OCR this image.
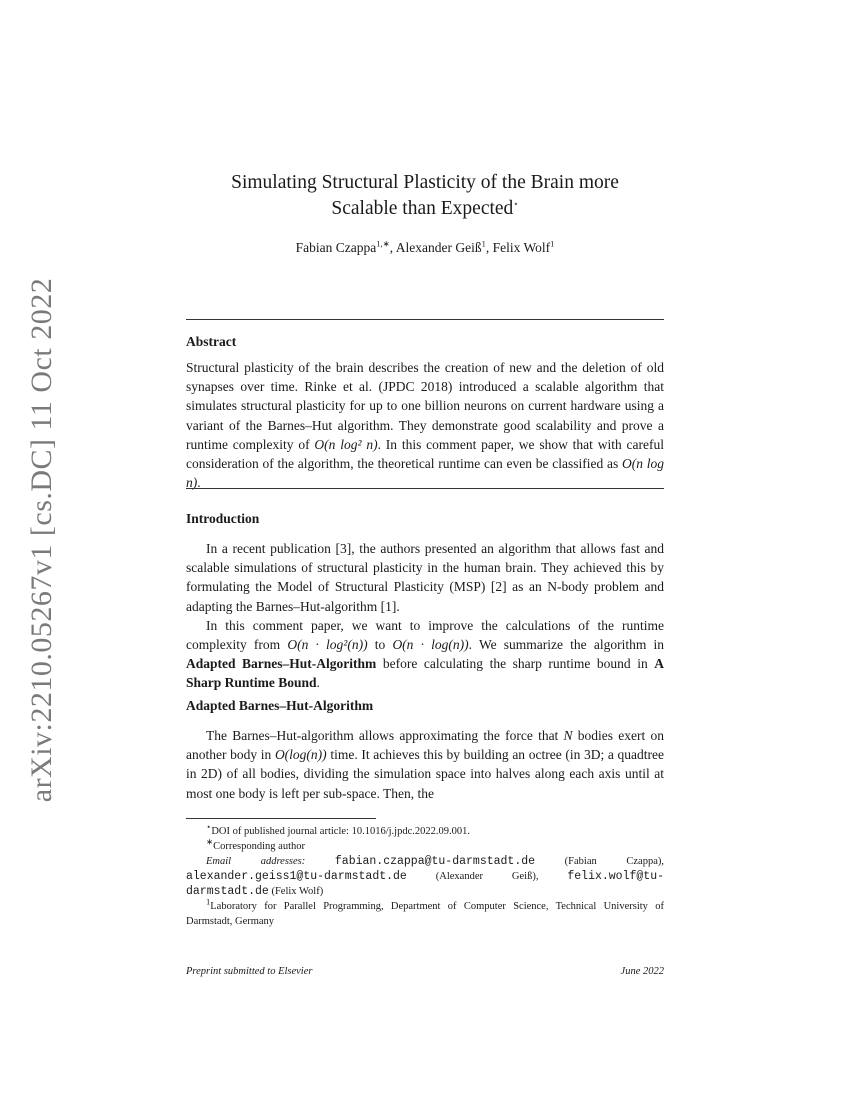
arXiv:2210.05267v1 [cs.DC] 11 Oct 2022
Simulating Structural Plasticity of the Brain more
Scalable than Expected⋆
Fabian Czappa$^{1,∗}$, Alexander Geiß$^1$, Felix Wolf$^1$
Abstract

Structural plasticity of the brain describes the creation of new and the deletion of old synapses over time. Rinke et al. (JPDC 2018) introduced a scalable algorithm that simulates structural plasticity for up to one billion neurons on current hardware using a variant of the Barnes–Hut algorithm. They demonstrate good scalability and prove a runtime complexity of O(n log² n). In this comment paper, we show that with careful consideration of the algorithm, the theoretical runtime can even be classified as O(n log n).

Introduction

In a recent publication [3], the authors presented an algorithm that allows fast and scalable simulations of structural plasticity in the human brain. They achieved this by formulating the Model of Structural Plasticity (MSP) [2] as an N-body problem and adapting the Barnes–Hut-algorithm [1].

In this comment paper, we want to improve the calculations of the runtime complexity from O(n · log²(n)) to O(n · log(n)). We summarize the algorithm in Adapted Barnes–Hut-Algorithm before calculating the sharp runtime bound in A Sharp Runtime Bound.

Adapted Barnes–Hut-Algorithm

The Barnes–Hut-algorithm allows approximating the force that N bodies exert on another body in O(log(n)) time. It achieves this by building an octree (in 3D; a quadtree in 2D) of all bodies, dividing the simulation space into halves along each axis until at most one body is left per sub-space. Then, the

⋆DOI of published journal article: 10.1016/j.jpdc.2022.09.001.

∗Corresponding author

Email addresses:	fabian.czappa@tu-darmstadt.de (Fabian Czappa), alexander.geiss1@tu-darmstadt.de (Alexander Geiß), felix.wolf@tu-darmstadt.de (Felix Wolf)

$^1$Laboratory for Parallel Programming, Department of Computer Science, Technical University of Darmstadt, Germany

Preprint submitted to Elsevier	June 2022
